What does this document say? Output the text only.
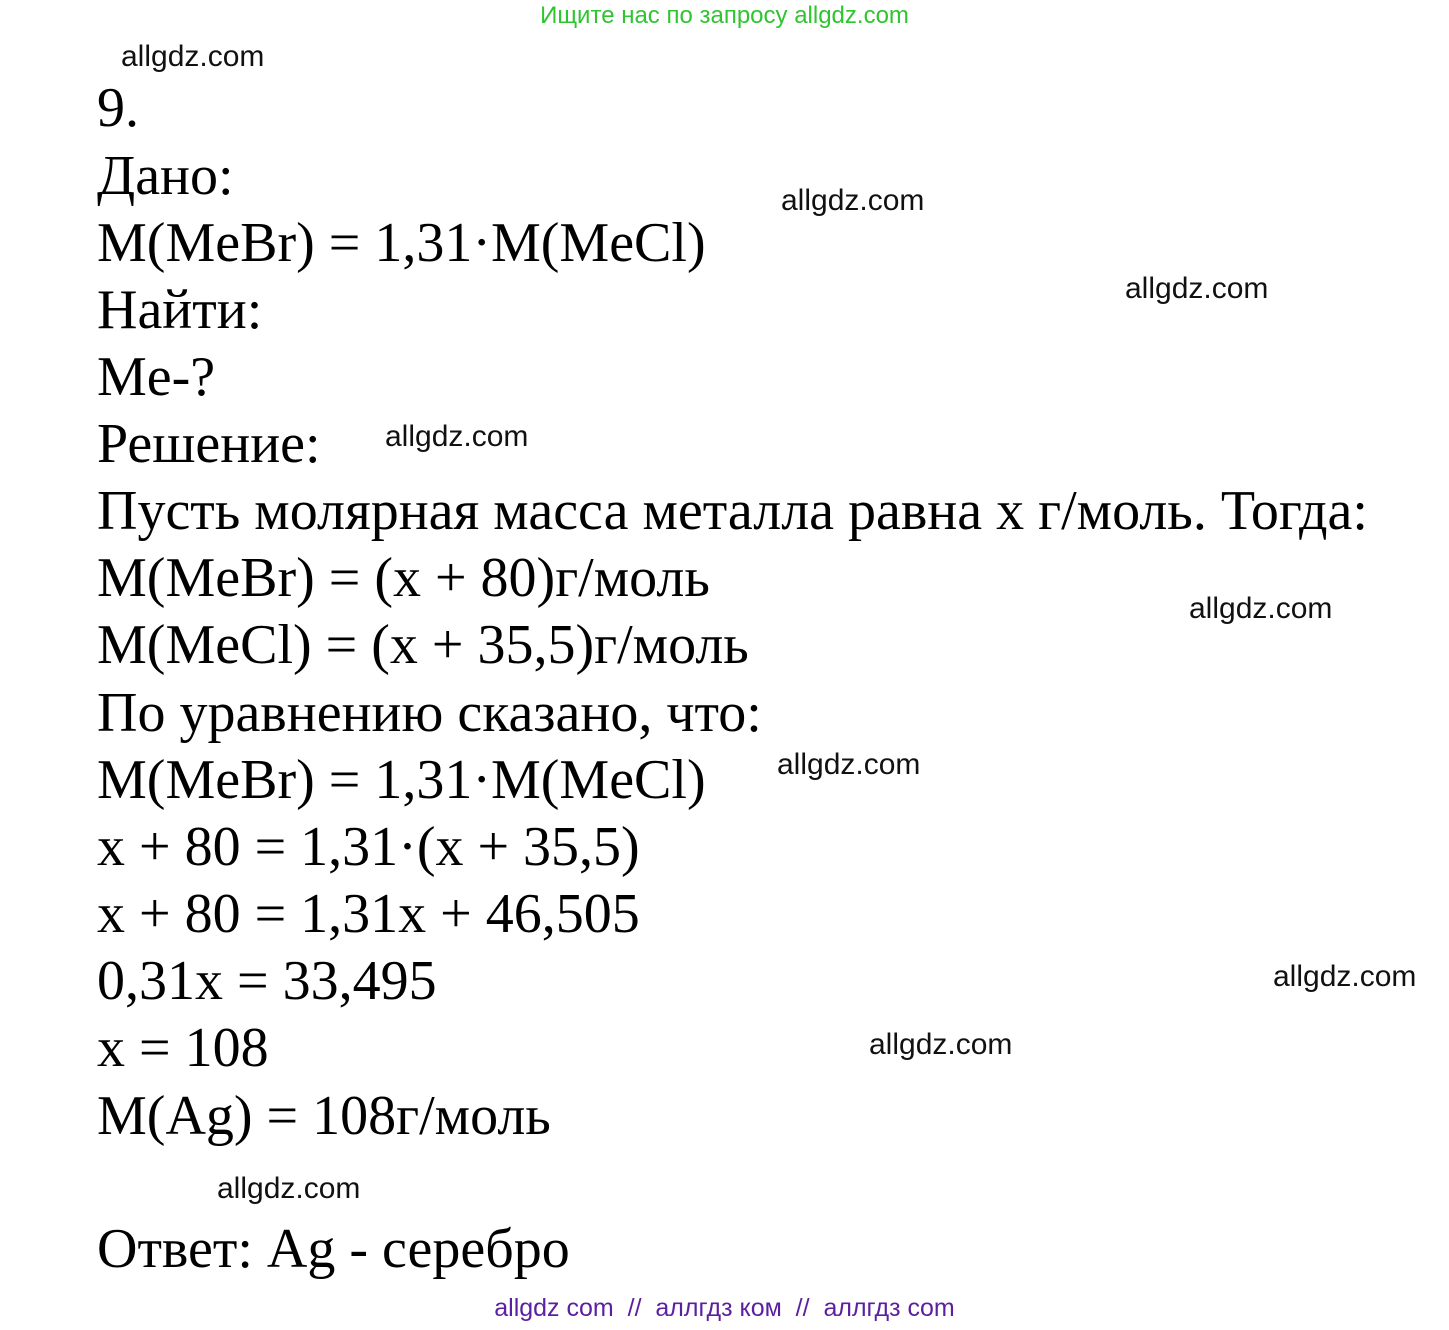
Ищите нас по запросу allgdz.com
9.
Дано:
M(MeBr) = 1,31·M(MeCl)
Найти:
Me-?
Решение:
Пусть молярная масса металла равна x г/моль. Тогда:
M(MeBr) = (x + 80)г/моль
M(MeCl) = (x + 35,5)г/моль
По уравнению сказано, что:
M(MeBr) = 1,31·M(MeCl)
x + 80 = 1,31·(x + 35,5)
x + 80 = 1,31x + 46,505
0,31x = 33,495
x = 108
M(Ag) = 108г/моль
Ответ: Ag - серебро
allgdz.com
allgdz.com
allgdz.com
allgdz.com
allgdz.com
allgdz.com
allgdz.com
allgdz.com
allgdz.com
allgdz com  //  аллгдз ком  //  аллгдз com
